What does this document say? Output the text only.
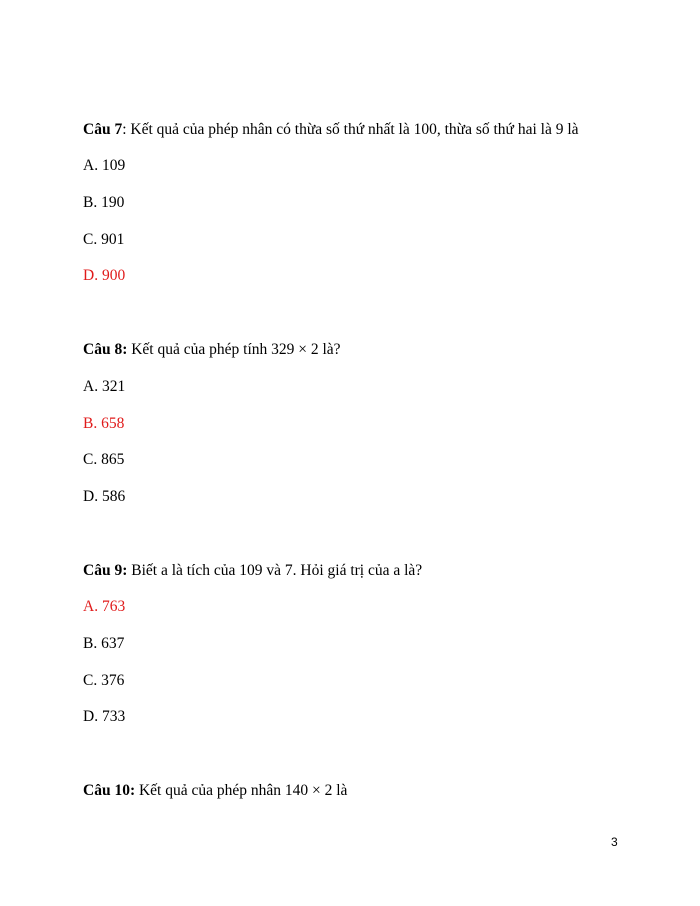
Câu 7: Kết quả của phép nhân có thừa số thứ nhất là 100, thừa số thứ hai là 9 là
A. 109
B. 190
C. 901
D. 900
Câu 8: Kết quả của phép tính 329 × 2 là?
A. 321
B. 658
C. 865
D. 586
Câu 9: Biết a là tích của 109 và 7. Hỏi giá trị của a là?
A. 763
B. 637
C. 376
D. 733
Câu 10: Kết quả của phép nhân 140 × 2 là
3
